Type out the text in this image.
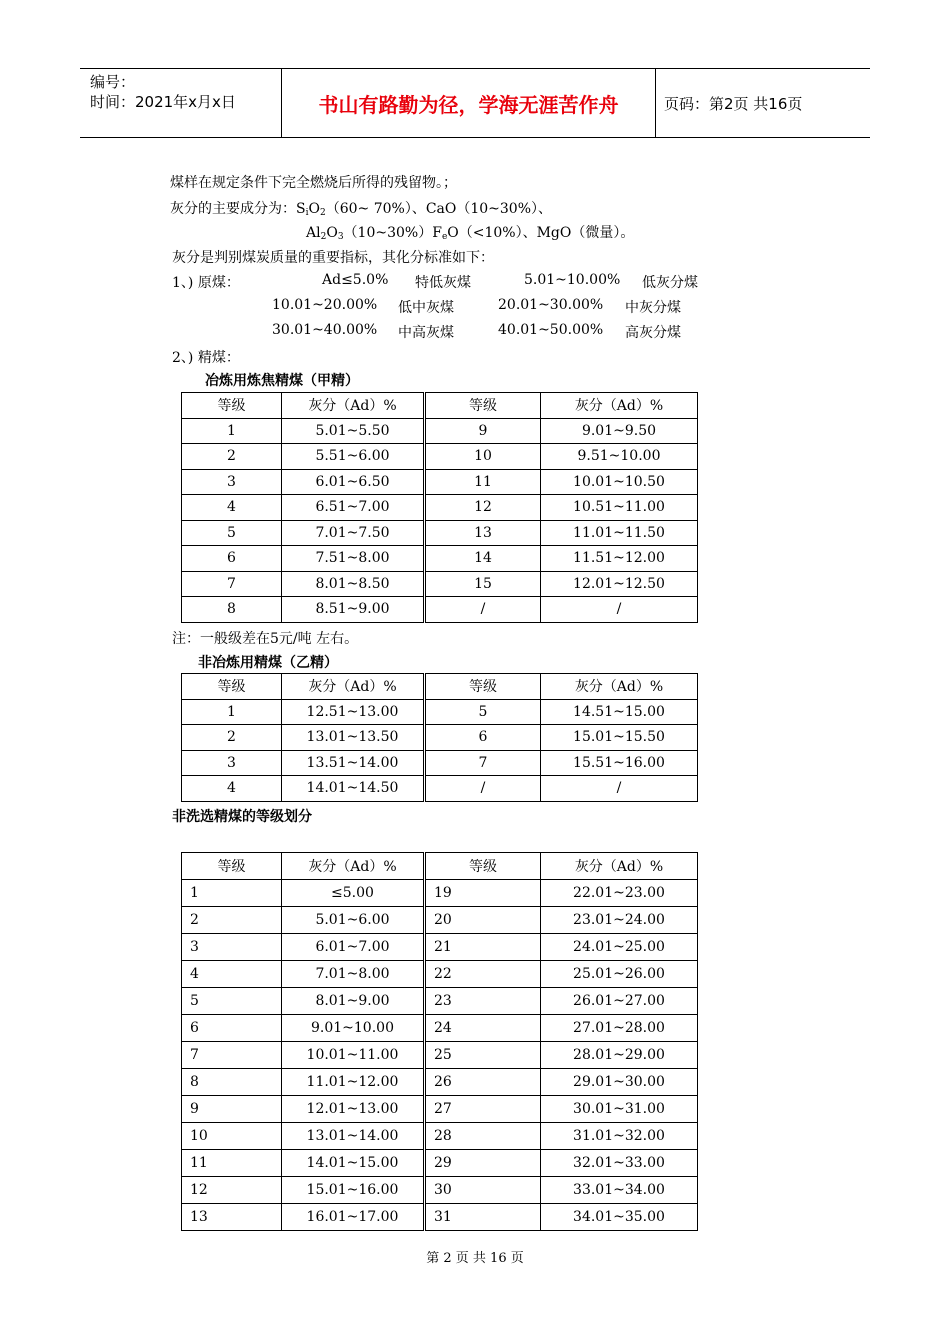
编号：
时间：2021年x月x日	书山有路勤为径，学海无涯苦作舟	页码：第2页 共16页
煤样在规定条件下完全燃烧后所得的残留物。；
灰分的主要成分为：$S_iO_2(60\sim$ 70%）、CaO（10~30%）、
$Al_2O_3(10\sim 30\%)F_eO(<10\%)$、MgO（微量）。
灰分是判别煤炭质量的重要指标，其化分标准如下：
1、) 原煤：	Ad≤5.0% 特低灰煤	5.01~10.00% 低灰分煤
10.01~20.00% 低中灰煤	20.01~30.00% 中灰分煤
30.01~40.00% 中高灰煤	40.01~50.00% 高灰分煤
2、) 精煤：
冶炼用炼焦精煤（甲精）
等级	灰分（Ad）%	等级	灰分（Ad）%
1	5.01~5.50	9	9.01~9.50
2	5.51~6.00	10	9.51~10.00
3	6.01~6.50	11	10.01~10.50
4	6.51~7.00	12	10.51~11.00
5	7.01~7.50	13	11.01~11.50
6	7.51~8.00	14	11.51~12.00
7	8.01~8.50	15	12.01~12.50
8	8.51~9.00	/	/
注：一般级差在5元/吨 左右。
非冶炼用精煤（乙精）
等级	灰分（Ad）%	等级	灰分（Ad）%
1	12.51~13.00	5	14.51~15.00
2	13.01~13.50	6	15.01~15.50
3	13.51~14.00	7	15.51~16.00
4	14.01~14.50	/	/
非洗选精煤的等级划分
等级	灰分（Ad）%	等级	灰分（Ad）%
1	≤5.00	19	22.01~23.00
2	5.01~6.00	20	23.01~24.00
3	6.01~7.00	21	24.01~25.00
4	7.01~8.00	22	25.01~26.00
5	8.01~9.00	23	26.01~27.00
6	9.01~10.00	24	27.01~28.00
7	10.01~11.00	25	28.01~29.00
8	11.01~12.00	26	29.01~30.00
9	12.01~13.00	27	30.01~31.00
10	13.01~14.00	28	31.01~32.00
11	14.01~15.00	29	32.01~33.00
12	15.01~16.00	30	33.01~34.00
13	16.01~17.00	31	34.01~35.00
第 2 页 共 16 页
